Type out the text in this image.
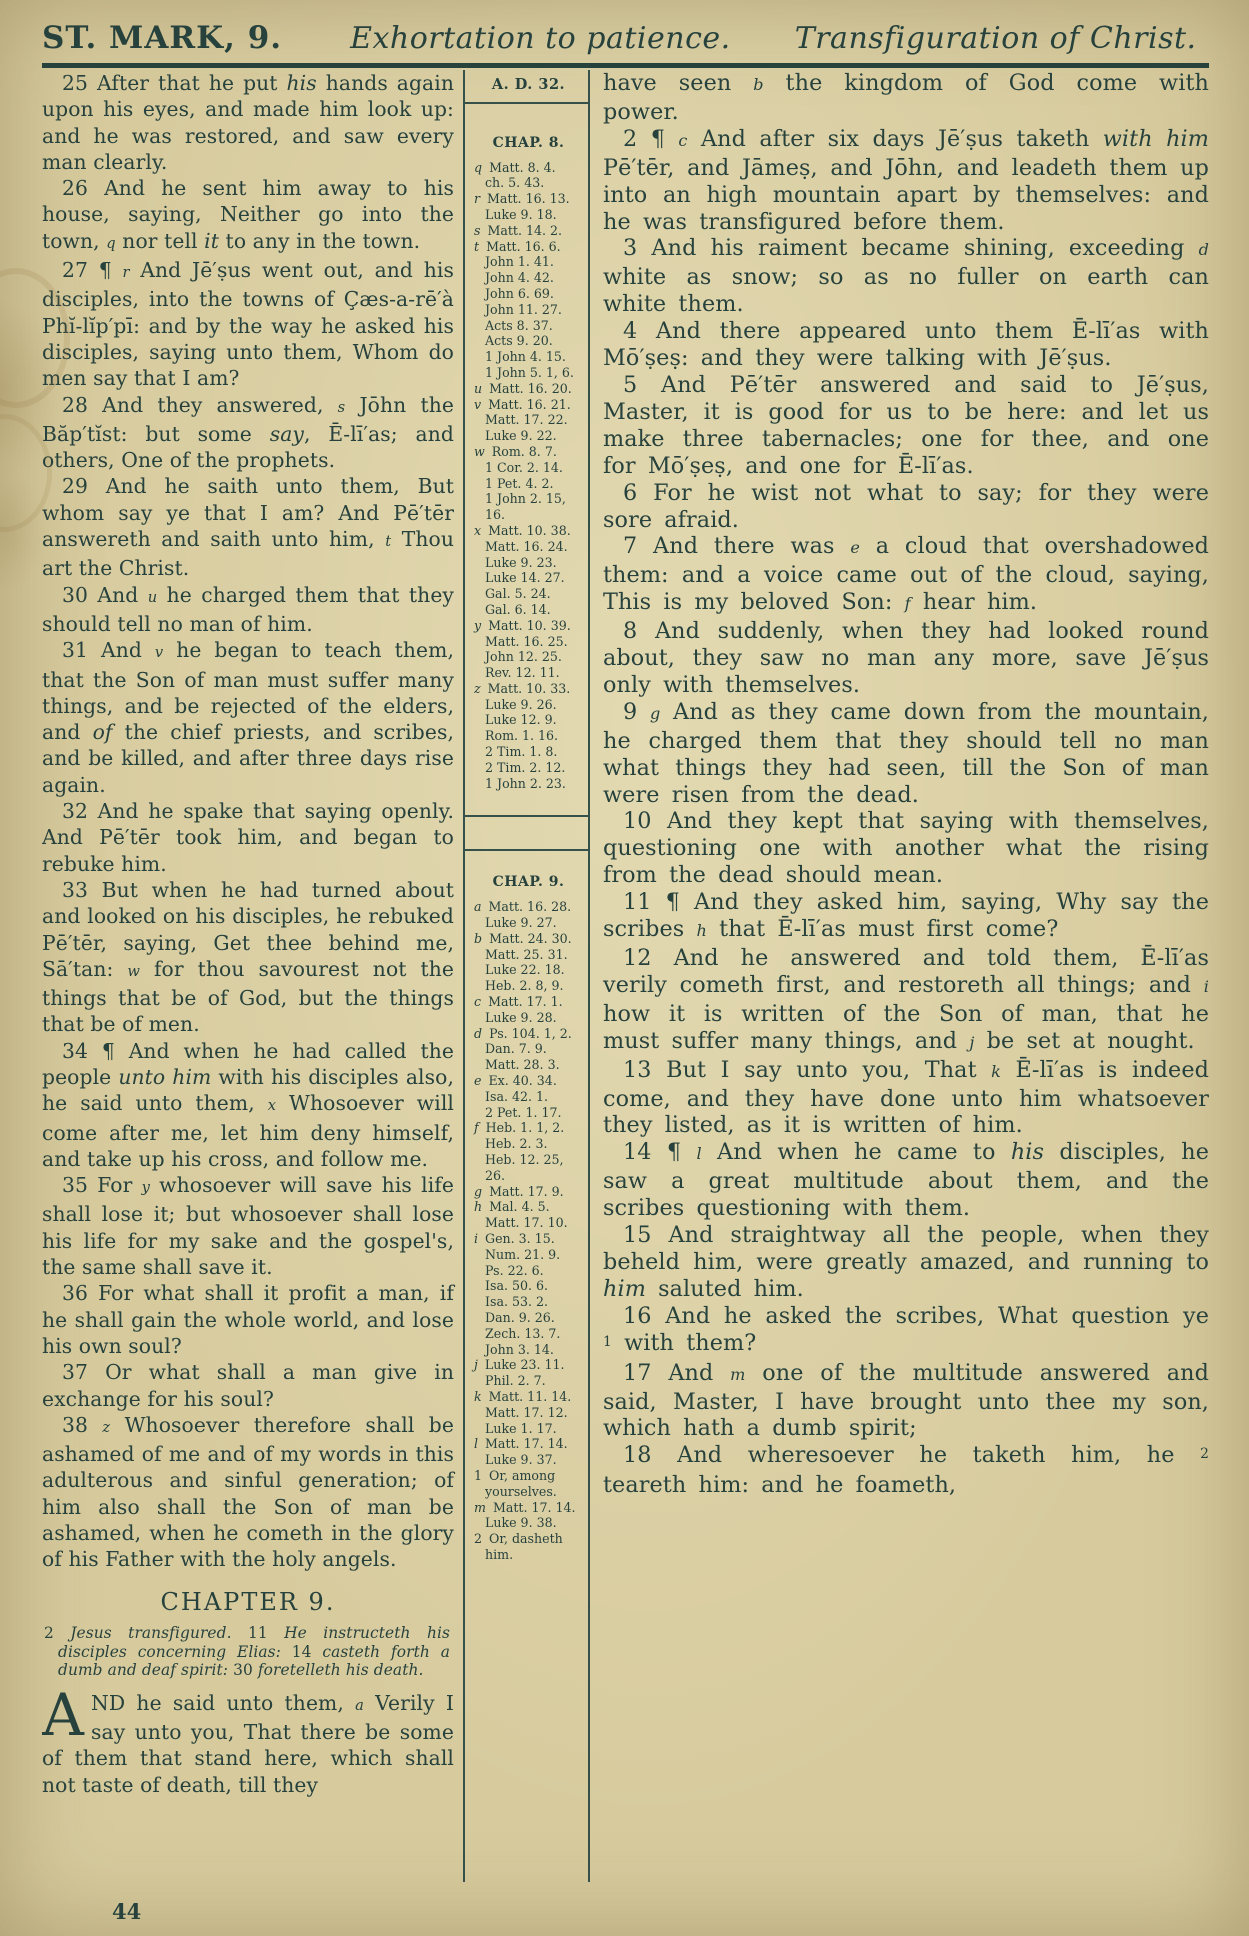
ST. MARK, 9. Exhortation to patience. Transfiguration of Christ.

25 After that he put his hands again upon his eyes, and made him look up: and he was restored, and saw every man clearly.

26 And he sent him away to his house, saying, Neither go into the town, q nor tell it to any in the town.

27 ¶ r And Jē′ṣus went out, and his disciples, into the towns of Çæs-a-rē′à Phĭ-lĭp′pī: and by the way he asked his disciples, saying unto them, Whom do men say that I am?

28 And they answered, s Jōhn the Băp′tĭst: but some say, Ē-lī′as; and others, One of the prophets.

29 And he saith unto them, But whom say ye that I am? And Pē′tēr answereth and saith unto him, t Thou art the Christ.

30 And u he charged them that they should tell no man of him.

31 And v he began to teach them, that the Son of man must suffer many things, and be rejected of the elders, and of the chief priests, and scribes, and be killed, and after three days rise again.

32 And he spake that saying openly. And Pē′tēr took him, and began to rebuke him.

33 But when he had turned about and looked on his disciples, he rebuked Pē′tēr, saying, Get thee behind me, Sā′tan: w for thou savourest not the things that be of God, but the things that be of men.

34 ¶ And when he had called the people unto him with his disciples also, he said unto them, x Whosoever will come after me, let him deny himself, and take up his cross, and follow me.

35 For y whosoever will save his life shall lose it; but whosoever shall lose his life for my sake and the gospel's, the same shall save it.

36 For what shall it profit a man, if he shall gain the whole world, and lose his own soul?

37 Or what shall a man give in exchange for his soul?

38 z Whosoever therefore shall be ashamed of me and of my words in this adulterous and sinful generation; of him also shall the Son of man be ashamed, when he cometh in the glory of his Father with the holy angels.

CHAPTER 9.

2 Jesus transfigured. 11 He instructeth his disciples concerning Elias: 14 casteth forth a dumb and deaf spirit: 30 foretelleth his death.

AND he said unto them, a Verily I say unto you, That there be some of them that stand here, which shall not taste of death, till they

A. D. 32.
CHAP. 8.
q Matt. 8. 4.
ch. 5. 43.
r Matt. 16. 13.
Luke 9. 18.
s Matt. 14. 2.
t Matt. 16. 6.
John 1. 41.
John 4. 42.
John 6. 69.
John 11. 27.
Acts 8. 37.
Acts 9. 20.
1 John 4. 15.
1 John 5. 1, 6.
u Matt. 16. 20.
v Matt. 16. 21.
Matt. 17. 22.
Luke 9. 22.
w Rom. 8. 7.
1 Cor. 2. 14.
1 Pet. 4. 2.
1 John 2. 15, 16.
x Matt. 10. 38.
Matt. 16. 24.
Luke 9. 23.
Luke 14. 27.
Gal. 5. 24.
Gal. 6. 14.
y Matt. 10. 39.
Matt. 16. 25.
John 12. 25.
Rev. 12. 11.
z Matt. 10. 33.
Luke 9. 26.
Luke 12. 9.
Rom. 1. 16.
2 Tim. 1. 8.
2 Tim. 2. 12.
1 John 2. 23.
CHAP. 9.
a Matt. 16. 28.
Luke 9. 27.
b Matt. 24. 30.
Matt. 25. 31.
Luke 22. 18.
Heb. 2. 8, 9.
c Matt. 17. 1.
Luke 9. 28.
d Ps. 104. 1, 2.
Dan. 7. 9.
Matt. 28. 3.
e Ex. 40. 34.
Isa. 42. 1.
2 Pet. 1. 17.
f Heb. 1. 1, 2.
Heb. 2. 3.
Heb. 12. 25, 26.
g Matt. 17. 9.
h Mal. 4. 5.
Matt. 17. 10.
i Gen. 3. 15.
Num. 21. 9.
Ps. 22. 6.
Isa. 50. 6.
Isa. 53. 2.
Dan. 9. 26.
Zech. 13. 7.
John 3. 14.
j Luke 23. 11.
Phil. 2. 7.
k Matt. 11. 14.
Matt. 17. 12.
Luke 1. 17.
l Matt. 17. 14.
Luke 9. 37.
1 Or, among yourselves.
m Matt. 17. 14.
Luke 9. 38.
2 Or, dasheth him.

have seen b the kingdom of God come with power.

2 ¶ c And after six days Jē′ṣus taketh with him Pē′tēr, and Jāmeṣ, and Jōhn, and leadeth them up into an high mountain apart by themselves: and he was transfigured before them.

3 And his raiment became shining, exceeding d white as snow; so as no fuller on earth can white them.

4 And there appeared unto them Ē-lī′as with Mō′ṣeṣ: and they were talking with Jē′ṣus.

5 And Pē′tēr answered and said to Jē′ṣus, Master, it is good for us to be here: and let us make three tabernacles; one for thee, and one for Mō′ṣeṣ, and one for Ē-lī′as.

6 For he wist not what to say; for they were sore afraid.

7 And there was e a cloud that overshadowed them: and a voice came out of the cloud, saying, This is my beloved Son: f hear him.

8 And suddenly, when they had looked round about, they saw no man any more, save Jē′ṣus only with themselves.

9 g And as they came down from the mountain, he charged them that they should tell no man what things they had seen, till the Son of man were risen from the dead.

10 And they kept that saying with themselves, questioning one with another what the rising from the dead should mean.

11 ¶ And they asked him, saying, Why say the scribes h that Ē-lī′as must first come?

12 And he answered and told them, Ē-lī′as verily cometh first, and restoreth all things; and i how it is written of the Son of man, that he must suffer many things, and j be set at nought.

13 But I say unto you, That k Ē-lī′as is indeed come, and they have done unto him whatsoever they listed, as it is written of him.

14 ¶ l And when he came to his disciples, he saw a great multitude about them, and the scribes questioning with them.

15 And straightway all the people, when they beheld him, were greatly amazed, and running to him saluted him.

16 And he asked the scribes, What question ye $^1$ with them?

17 And m one of the multitude answered and said, Master, I have brought unto thee my son, which hath a dumb spirit;

18 And wheresoever he taketh him, he $^2$ teareth him: and he foameth,

44
